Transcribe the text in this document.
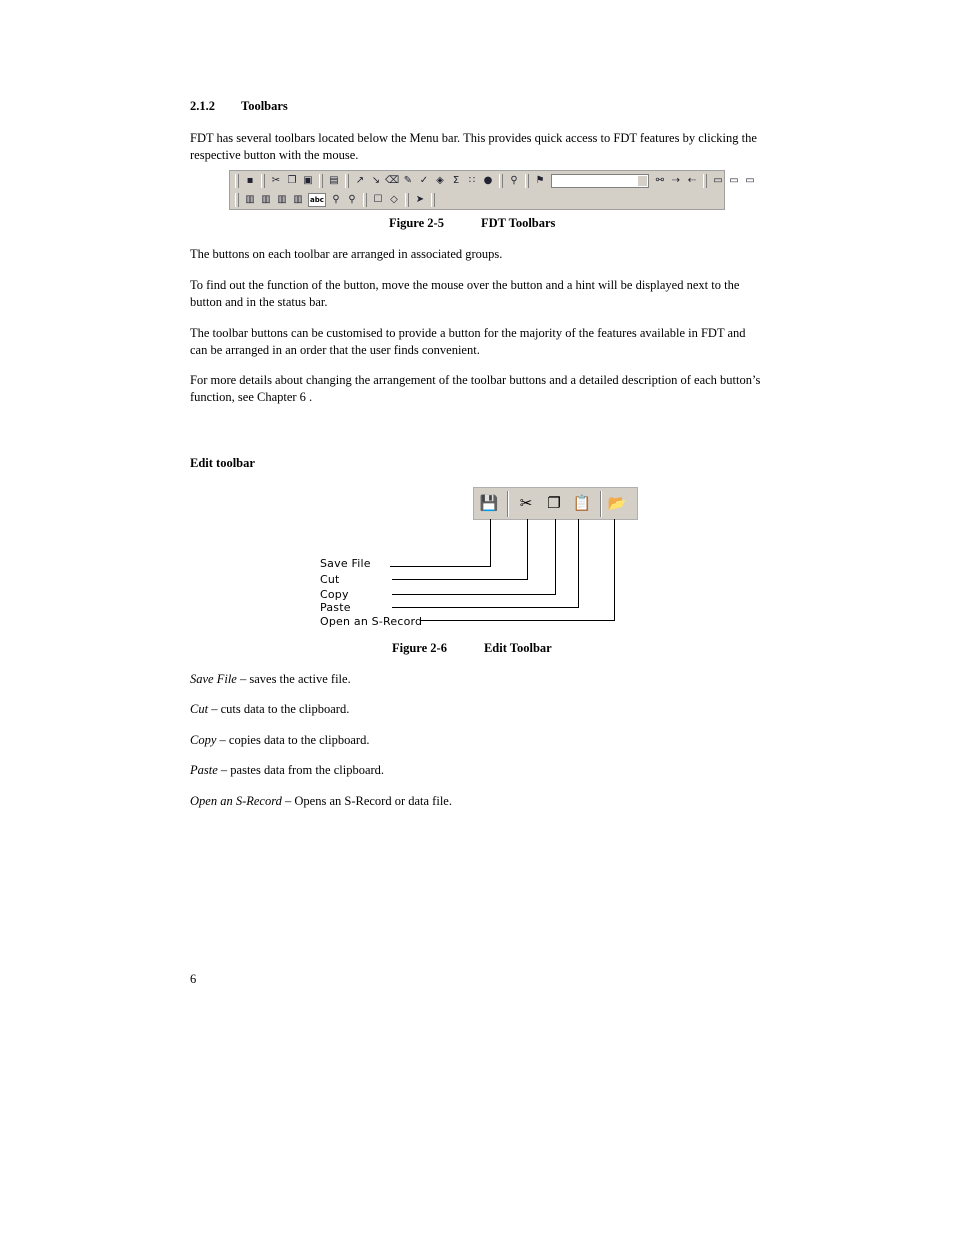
2.1.2 Toolbars

FDT has several toolbars located below the Menu bar. This provides quick access to FDT features by clicking the respective button with the mouse.

▪	✂ ❐ ▣ ▤ ↗ ↘ ⌫ ✎ ✓ ◈ Σ ∷ ●	⚲	⚑	⚯ ⇢ ⇠ ▭ ▭ ▭
▥ ▥ ▥ ▥	abc ⚲ ⚲	☐ ◇	➤
Figure 2-5	FDT Toolbars

The buttons on each toolbar are arranged in associated groups.

To find out the function of the button, move the mouse over the button and a hint will be displayed next to the button and in the status bar.

The toolbar buttons can be customised to provide a button for the majority of the features available in FDT and can be arranged in an order that the user finds convenient.

For more details about changing the arrangement of the toolbar buttons and a detailed description of each button’s function, see Chapter 6 .

Edit toolbar
💾 ✂ ❐ 📋 📂
Save File
Cut
Copy
Paste
Open an S-Record
Figure 2-6	Edit Toolbar
Save File – saves the active file.
Cut – cuts data to the clipboard.
Copy – copies data to the clipboard.
Paste – pastes data from the clipboard.
Open an S-Record – Opens an S-Record or data file.
6
